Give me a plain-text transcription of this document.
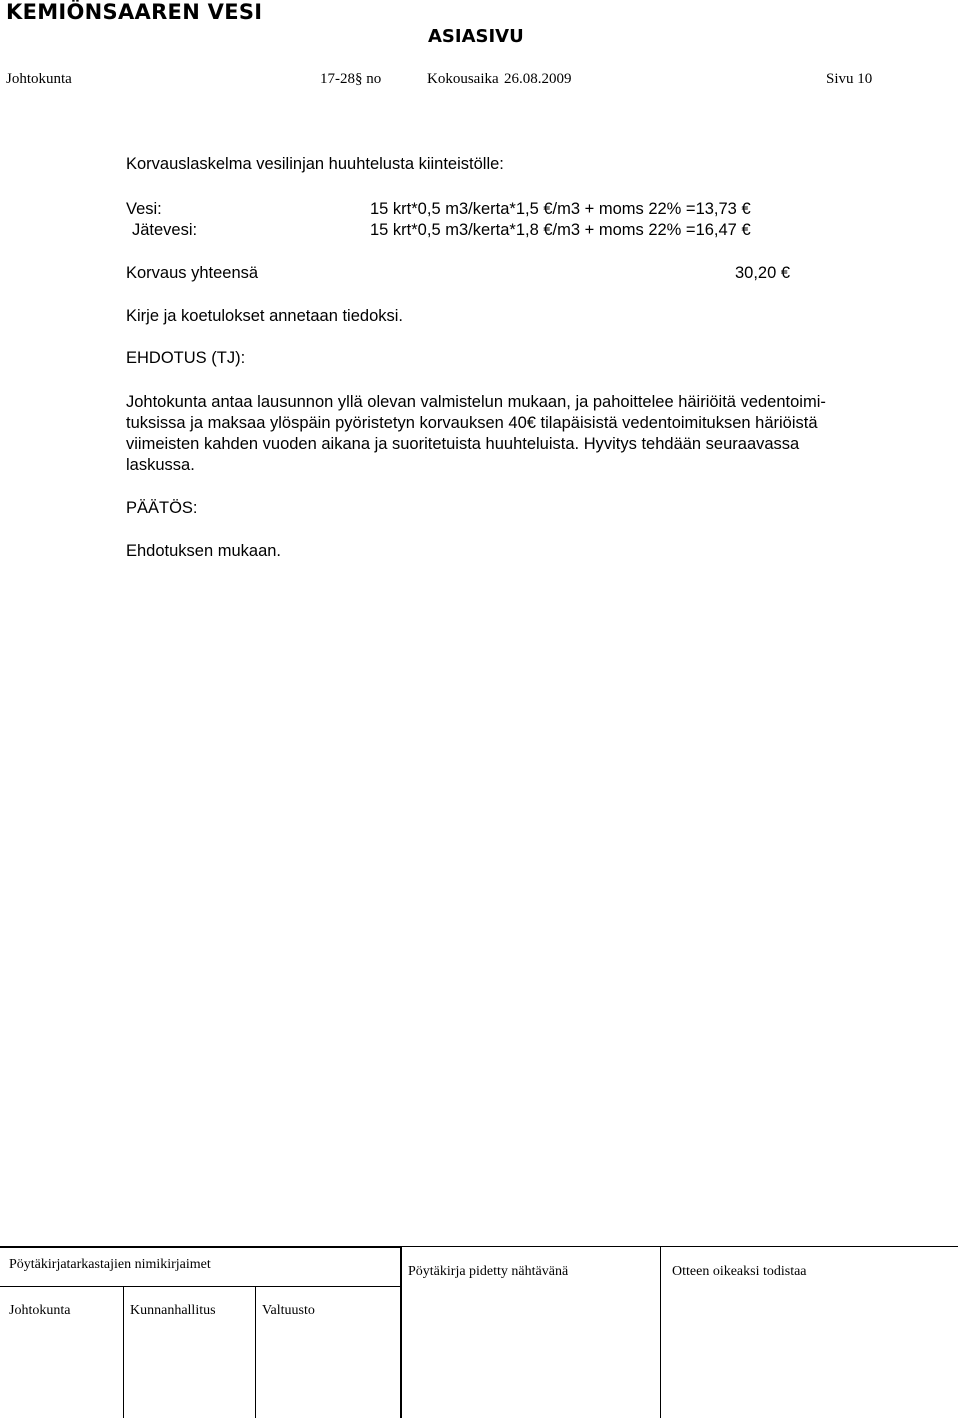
KEMIÖNSAAREN VESI
ASIASIVU
Johtokunta	17-28§ no	Kokousaika 26.08.2009	Sivu 10
Korvauslaskelma vesilinjan huuhtelusta kiinteistölle:
Vesi:	15 krt*0,5 m3/kerta*1,5 €/m3 + moms 22% =13,73 €
Jätevesi:	15 krt*0,5 m3/kerta*1,8 €/m3 + moms 22% =16,47 €
Korvaus yhteensä	30,20 €
Kirje ja koetulokset annetaan tiedoksi.
EHDOTUS (TJ):
Johtokunta antaa lausunnon yllä olevan valmistelun mukaan, ja pahoittelee häiriöitä vedentoimi-
tuksissa ja maksaa ylöspäin pyöristetyn korvauksen 40€ tilapäisistä vedentoimituksen häriöistä
viimeisten kahden vuoden aikana ja suoritetuista huuhteluista. Hyvitys tehdään seuraavassa
laskussa.
PÄÄTÖS:
Ehdotuksen mukaan.
Pöytäkirjatarkastajien nimikirjaimet
Johtokunta	Kunnanhallitus	Valtuusto
Pöytäkirja pidetty nähtävänä	Otteen oikeaksi todistaa
